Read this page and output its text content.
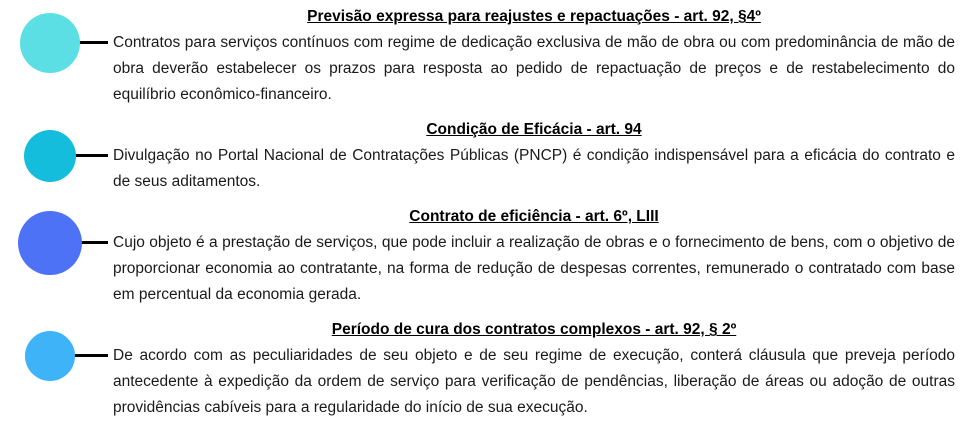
Previsão expressa para reajustes e repactuações - art. 92, §4º

Contratos para serviços contínuos com regime de dedicação exclusiva de mão de obra ou com predominância de mão de obra deverão estabelecer os prazos para resposta ao pedido de repactuação de preços e de restabelecimento do equilíbrio econômico-financeiro.

Condição de Eficácia - art. 94

Divulgação no Portal Nacional de Contratações Públicas (PNCP) é condição indispensável para a eficácia do contrato e de seus aditamentos.

Contrato de eficiência - art. 6º, LIII

Cujo objeto é a prestação de serviços, que pode incluir a realização de obras e o fornecimento de bens, com o objetivo de proporcionar economia ao contratante, na forma de redução de despesas correntes, remunerado o contratado com base em percentual da economia gerada.

Período de cura dos contratos complexos - art. 92, § 2º

De acordo com as peculiaridades de seu objeto e de seu regime de execução, conterá cláusula que preveja período antecedente à expedição da ordem de serviço para verificação de pendências, liberação de áreas ou adoção de outras providências cabíveis para a regularidade do início de sua execução.
